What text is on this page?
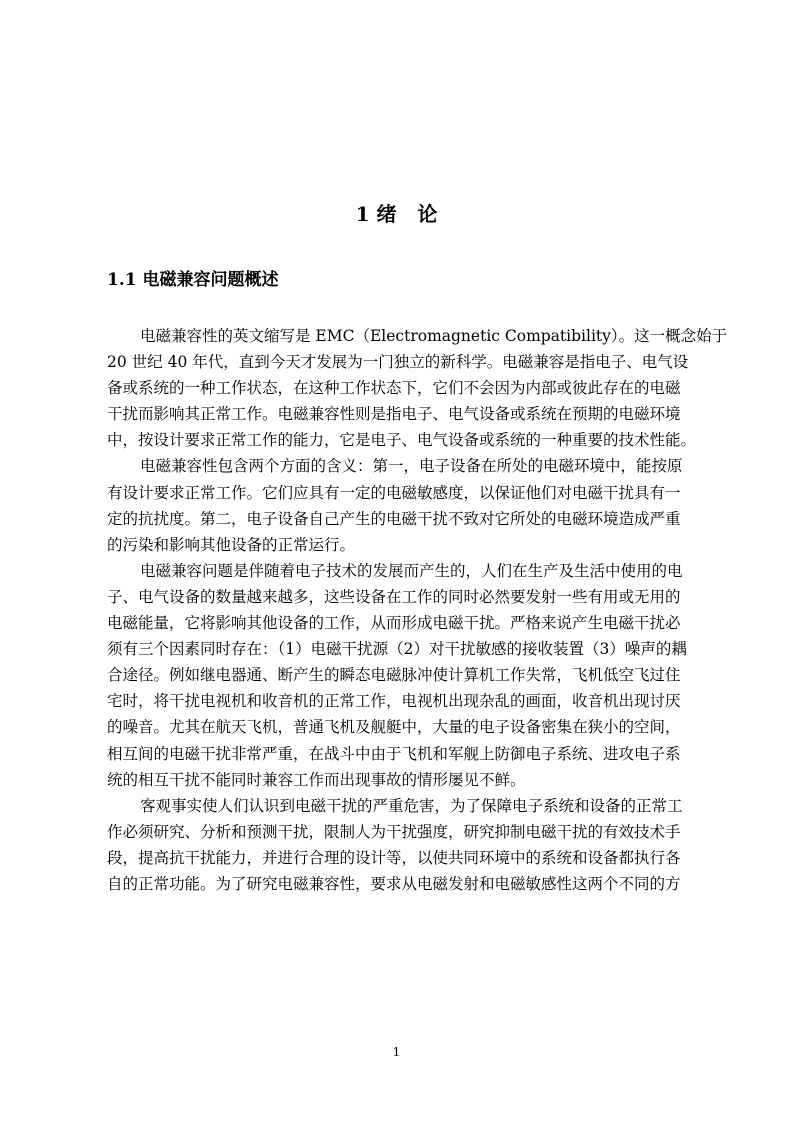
1 绪   论
1.1 电磁兼容问题概述
电磁兼容性的英文缩写是 EMC（Electromagnetic Compatibility）。这一概念始于
20 世纪 40 年代，直到今天才发展为一门独立的新科学。电磁兼容是指电子、电气设
备或系统的一种工作状态，在这种工作状态下，它们不会因为内部或彼此存在的电磁
干扰而影响其正常工作。电磁兼容性则是指电子、电气设备或系统在预期的电磁环境
中，按设计要求正常工作的能力，它是电子、电气设备或系统的一种重要的技术性能。
电磁兼容性包含两个方面的含义：第一，电子设备在所处的电磁环境中，能按原
有设计要求正常工作。它们应具有一定的电磁敏感度，以保证他们对电磁干扰具有一
定的抗扰度。第二，电子设备自己产生的电磁干扰不致对它所处的电磁环境造成严重
的污染和影响其他设备的正常运行。
电磁兼容问题是伴随着电子技术的发展而产生的，人们在生产及生活中使用的电
子、电气设备的数量越来越多，这些设备在工作的同时必然要发射一些有用或无用的
电磁能量，它将影响其他设备的工作，从而形成电磁干扰。严格来说产生电磁干扰必
须有三个因素同时存在：（1）电磁干扰源（2）对干扰敏感的接收装置（3）噪声的耦
合途径。例如继电器通、断产生的瞬态电磁脉冲使计算机工作失常，飞机低空飞过住
宅时，将干扰电视机和收音机的正常工作，电视机出现杂乱的画面，收音机出现讨厌
的噪音。尤其在航天飞机，普通飞机及舰艇中，大量的电子设备密集在狭小的空间，
相互间的电磁干扰非常严重，在战斗中由于飞机和军舰上防御电子系统、进攻电子系
统的相互干扰不能同时兼容工作而出现事故的情形屡见不鲜。
客观事实使人们认识到电磁干扰的严重危害，为了保障电子系统和设备的正常工
作必须研究、分析和预测干扰，限制人为干扰强度，研究抑制电磁干扰的有效技术手
段，提高抗干扰能力，并进行合理的设计等，以使共同环境中的系统和设备都执行各
自的正常功能。为了研究电磁兼容性，要求从电磁发射和电磁敏感性这两个不同的方
1
